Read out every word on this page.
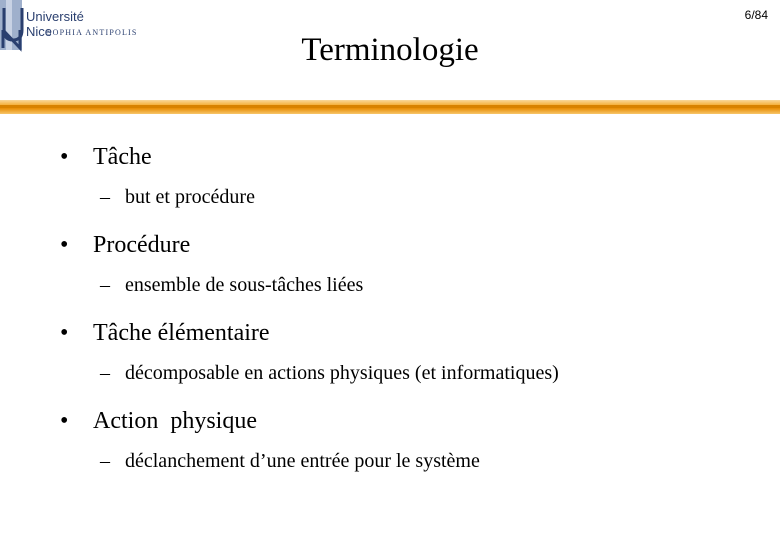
6/84
Université
Nice
SOPHIA ANTIPOLIS	Terminologie
•	Tâche
– but et procédure
•	Procédure
– ensemble de sous-tâches liées
•	Tâche élémentaire
– décomposable en actions physiques (et informatiques)
•	Action  physique
– déclanchement d’une entrée pour le système
